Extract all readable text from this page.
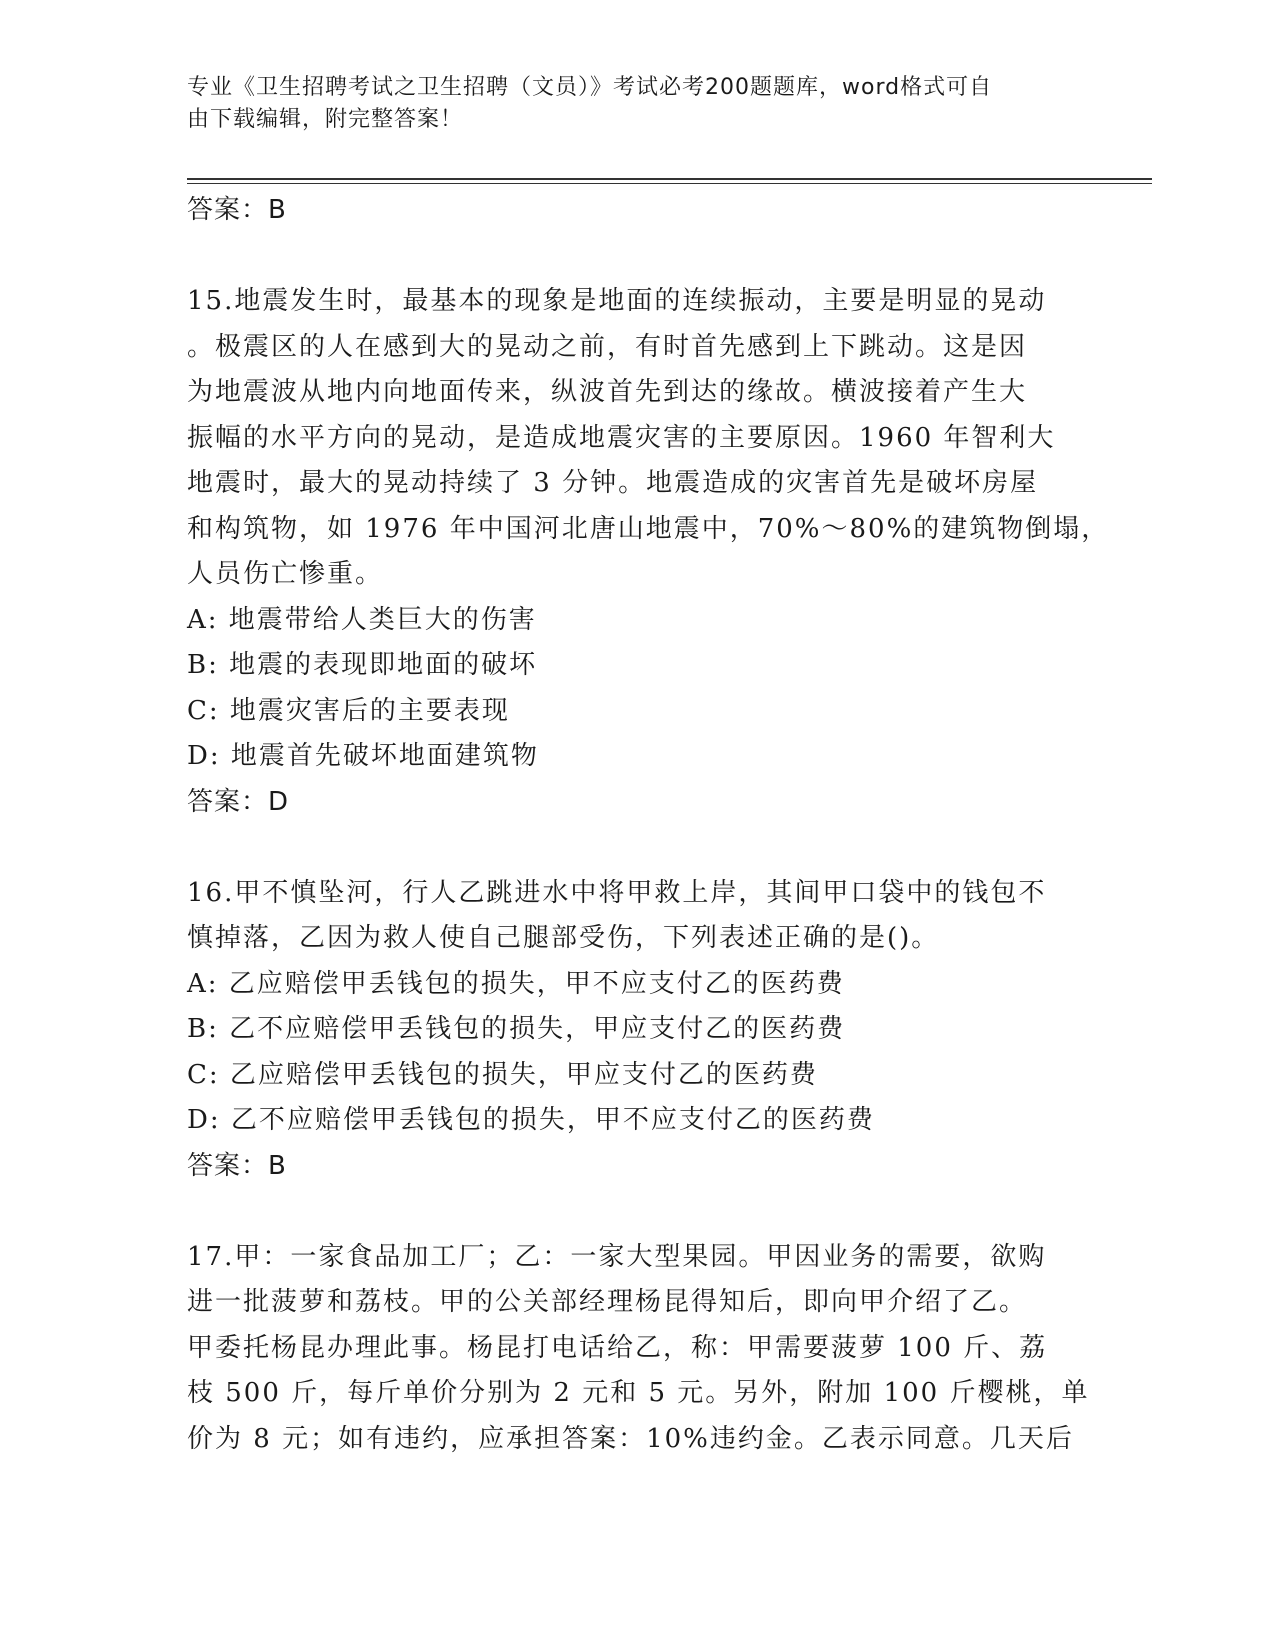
专业《卫生招聘考试之卫生招聘（文员）》考试必考200题题库，word格式可自
由下载编辑，附完整答案！
答案：B
15.地震发生时，最基本的现象是地面的连续振动，主要是明显的晃动
。极震区的人在感到大的晃动之前，有时首先感到上下跳动。这是因
为地震波从地内向地面传来，纵波首先到达的缘故。横波接着产生大
振幅的水平方向的晃动，是造成地震灾害的主要原因。1960 年智利大
地震时，最大的晃动持续了 3 分钟。地震造成的灾害首先是破坏房屋
和构筑物，如 1976 年中国河北唐山地震中，70%～80%的建筑物倒塌，
人员伤亡惨重。
A: 地震带给人类巨大的伤害
B: 地震的表现即地面的破坏
C: 地震灾害后的主要表现
D: 地震首先破坏地面建筑物
答案：D
16.甲不慎坠河，行人乙跳进水中将甲救上岸，其间甲口袋中的钱包不
慎掉落，乙因为救人使自己腿部受伤，下列表述正确的是()。
A: 乙应赔偿甲丢钱包的损失，甲不应支付乙的医药费
B: 乙不应赔偿甲丢钱包的损失，甲应支付乙的医药费
C: 乙应赔偿甲丢钱包的损失，甲应支付乙的医药费
D: 乙不应赔偿甲丢钱包的损失，甲不应支付乙的医药费
答案：B
17.甲：一家食品加工厂；乙：一家大型果园。甲因业务的需要，欲购
进一批菠萝和荔枝。甲的公关部经理杨昆得知后，即向甲介绍了乙。
甲委托杨昆办理此事。杨昆打电话给乙，称：甲需要菠萝 100 斤、荔
枝 500 斤，每斤单价分别为 2 元和 5 元。另外，附加 100 斤樱桃，单
价为 8 元；如有违约，应承担答案：10%违约金。乙表示同意。几天后
